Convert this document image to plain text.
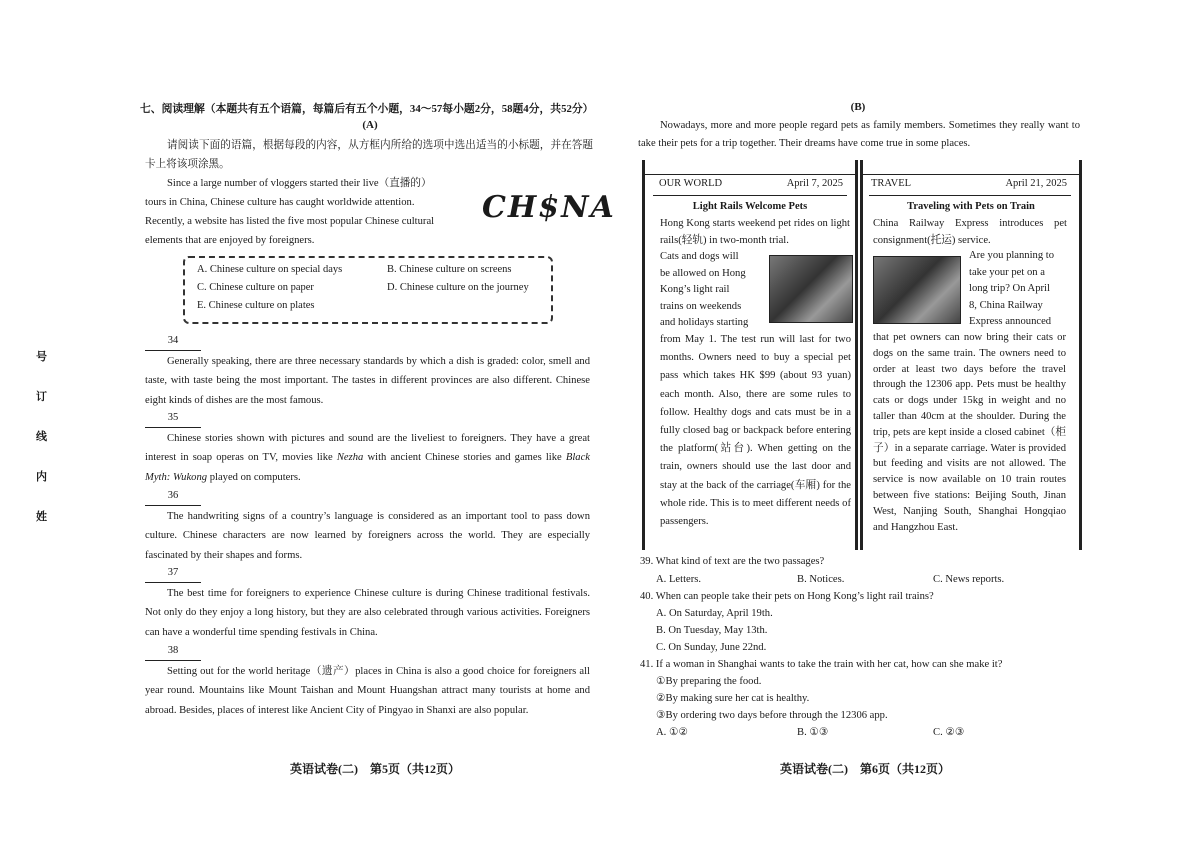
七、阅读理解（本题共有五个语篇，每篇后有五个小题，34～57每小题2分，58题4分，共52分）
(A)
请阅读下面的语篇，根据每段的内容，从方框内所给的选项中选出适当的小标题，并在答题卡上将该项涂黑。
Since a large number of vloggers started their live（直播的）
tours in China, Chinese culture has caught worldwide attention.
Recently, a website has listed the five most popular Chinese cultural
elements that are enjoyed by foreigners.
CH$NA
A. Chinese culture on special days	B. Chinese culture on screens
C. Chinese culture on paper	D. Chinese culture on the journey
E. Chinese culture on plates
34
Generally speaking, there are three necessary standards by which a dish is graded: color, smell and taste, with taste being the most important. The tastes in different provinces are also different. Chinese eight kinds of dishes are the most famous.
35
Chinese stories shown with pictures and sound are the liveliest to foreigners. They have a great interest in soap operas on TV, movies like Nezha with ancient Chinese stories and games like Black Myth: Wukong played on computers.
36
The handwriting signs of a country’s language is considered as an important tool to pass down culture. Chinese characters are now learned by foreigners across the world. They are especially fascinated by their shapes and forms.
37
The best time for foreigners to experience Chinese culture is during Chinese traditional festivals. Not only do they enjoy a long history, but they are also celebrated through various activities. Foreigners can have a wonderful time spending festivals in China.
38
Setting out for the world heritage（遗产）places in China is also a good choice for foreigners all year round. Mountains like Mount Taishan and Mount Huangshan attract many tourists at home and abroad. Besides, places of interest like Ancient City of Pingyao in Shanxi are also popular.
英语试卷(二)　第5页（共12页）
号
订
线
内
姓
(B)
Nowadays, more and more people regard pets as family members. Sometimes they really want to take their pets for a trip together. Their dreams have come true in some places.
OUR WORLD	April 7, 2025
Light Rails Welcome Pets
Hong Kong starts weekend pet rides on light rails(轻轨) in two-month trial.
Cats and dogs will
be allowed on Hong
Kong’s light rail
trains on weekends
and holidays starting
from May 1. The test run will last for two months. Owners need to buy a special pet pass which takes HK $99 (about 93 yuan) each month. Also, there are some rules to follow. Healthy dogs and cats must be in a fully closed bag or backpack before entering the platform(站台). When getting on the train, owners should use the last door and stay at the back of the carriage(车厢) for the whole ride. This is to meet different needs of passengers.
TRAVEL	April 21, 2025
Traveling with Pets on Train
China Railway Express introduces pet consignment(托运) service.
Are you planning to
take your pet on a
long trip? On April
8, China Railway
Express announced
that pet owners can now bring their cats or dogs on the same train. The owners need to order at least two days before the travel through the 12306 app. Pets must be healthy cats or dogs under 15kg in weight and no taller than 40cm at the shoulder. During the trip, pets are kept inside a closed cabinet（柜子）in a separate carriage. Water is provided but feeding and visits are not allowed. The service is now available on 10 train routes between five stations: Beijing South, Jinan West, Nanjing South, Shanghai Hongqiao and Hangzhou East.
39. What kind of text are the two passages?
A. Letters.	B. Notices.	C. News reports.
40. When can people take their pets on Hong Kong’s light rail trains?
A. On Saturday, April 19th.
B. On Tuesday, May 13th.
C. On Sunday, June 22nd.
41. If a woman in Shanghai wants to take the train with her cat, how can she make it?
①By preparing the food.
②By making sure her cat is healthy.
③By ordering two days before through the 12306 app.
A. ①②	B. ①③	C. ②③
英语试卷(二)　第6页（共12页）
